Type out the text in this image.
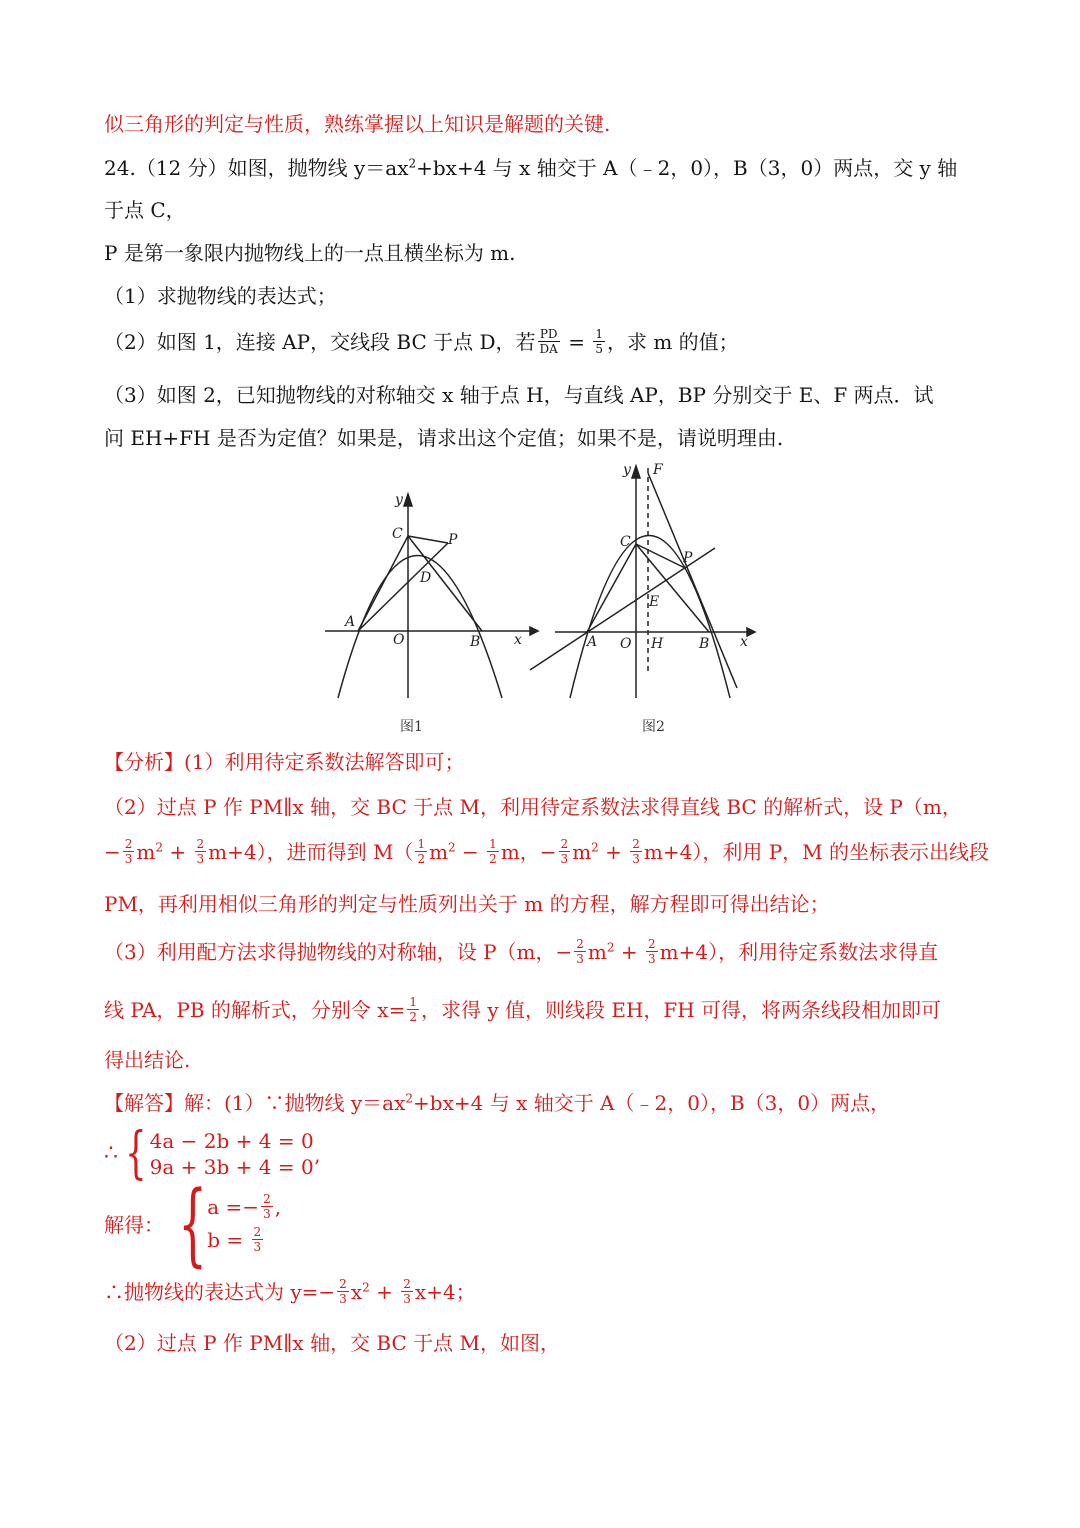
似三角形的判定与性质，熟练掌握以上知识是解题的关键.
24.（12 分）如图，抛物线 $y=ax^2+bx+4$ 与 x 轴交于 A（﹣2，0），B（3，0）两点，交 y 轴
于点 C，
P 是第一象限内抛物线上的一点且横坐标为 m.
（1）求抛物线的表达式；
（2）如图 1，连接 AP，交线段 BC 于点 D，若 $\frac{PD}{DA} = \frac{1}{5}$ ，求 m 的值；
（3）如图 2，已知抛物线的对称轴交 x 轴于点 H，与直线 AP，BP 分别交于 E、F 两点．试
问 EH+FH 是否为定值？如果是，请求出这个定值；如果不是，请说明理由.
y
x
C	P
D
A
O	B
图1
y F
C
P
E
A O H	B x
图2
【分析】(1）利用待定系数法解答即可；
（2）过点 P 作 PM∥x 轴，交 BC 于点 M，利用待定系数法求得直线 BC 的解析式，设 P（m，
− $\frac{2}{3} m^2 + \frac{2}{3} m+4$），进而得到 $M( \frac{1}{2} m^2 - \frac{1}{2}$ m，− $\frac{2}{3} m^2 + \frac{2}{3} m+4$），利用 P，M 的坐标表示出线段
PM，再利用相似三角形的判定与性质列出关于 m 的方程，解方程即可得出结论；
（3）利用配方法求得抛物线的对称轴，设 P（m，− $\frac{2}{3} m^2 + \frac{2}{3} m+4$），利用待定系数法求得直
线 PA，PB 的解析式，分别令 $x= \frac{1}{2}$ ，求得 y 值，则线段 EH，FH 可得，将两条线段相加即可
得出结论.
【解答】解：(1）∵抛物线 $y=ax^2+bx+4$ 与 x 轴交于 A（﹣2，0），B（3，0）两点，
∴ { 4a − 2b + 4 = 0
9a + 3b + 4 = 0’
解得： { $a =- \frac{2}{3}$ ,
$b = \frac{2}{3}$
∴抛物线的表达式为 $y=- \frac{2}{3} x^2 + \frac{2}{3} x+4$；
（2）过点 P 作 PM∥x 轴，交 BC 于点 M，如图，
